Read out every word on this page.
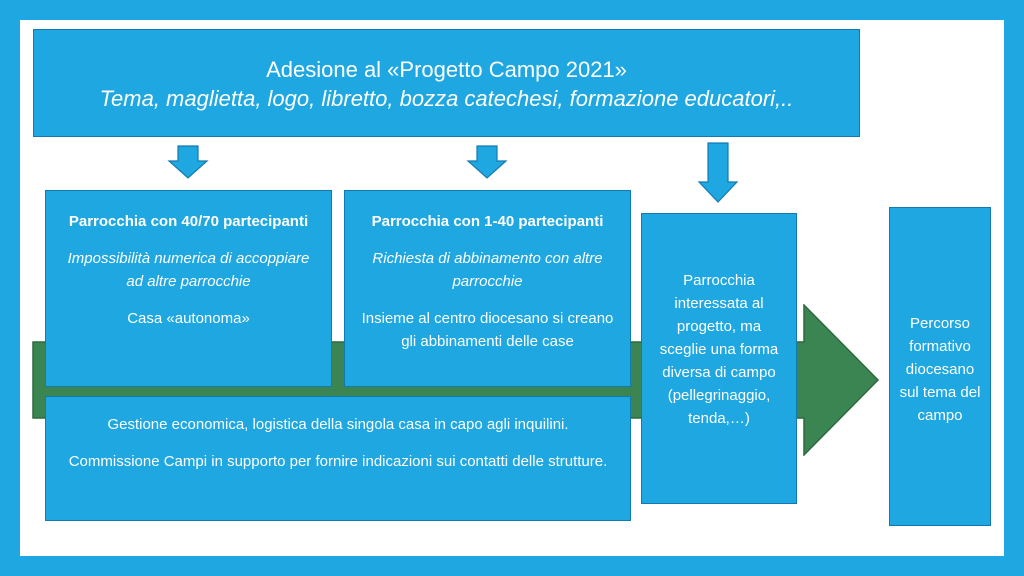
Adesione al «Progetto Campo 2021»

Tema, maglietta, logo, libretto, bozza catechesi, formazione educatori,..

Parrocchia con 40/70 partecipanti

Impossibilità numerica di accoppiare ad altre parrocchie

Casa «autonoma»

Parrocchia con 1-40 partecipanti

Richiesta di abbinamento con altre parrocchie

Insieme al centro diocesano si creano gli abbinamenti delle case

Gestione economica, logistica della singola casa in capo agli inquilini.

Commissione Campi in supporto per fornire indicazioni sui contatti delle strutture.

Parrocchia interessata al progetto, ma sceglie una forma diversa di campo (pellegrinaggio, tenda,…)

Percorso formativo diocesano sul tema del campo
